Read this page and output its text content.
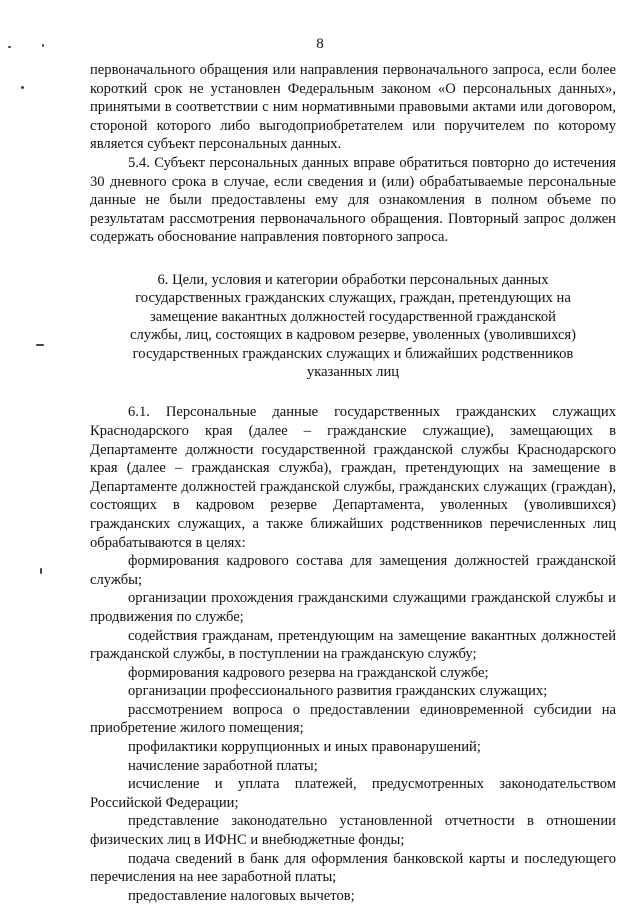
8

первоначального обращения или направления первоначального запроса, если более короткий срок не установлен Федеральным законом «О персональных данных», принятыми в соответствии с ним нормативными правовыми актами или договором, стороной которого либо выгодоприобретателем или поручителем по которому является субъект персональных данных.

5.4. Субъект персональных данных вправе обратиться повторно до истечения 30 дневного срока в случае, если сведения и (или) обрабатываемые персональные данные не были предоставлены ему для ознакомления в полном объеме по результатам рассмотрения первоначального обращения. Повторный запрос должен содержать обоснование направления повторного запроса.

6. Цели, условия и категории обработки персональных данных государственных гражданских служащих, граждан, претендующих на замещение вакантных должностей государственной гражданской службы, лиц, состоящих в кадровом резерве, уволенных (уволившихся) государственных гражданских служащих и ближайших родственников указанных лиц

6.1. Персональные данные государственных гражданских служащих Краснодарского края (далее – гражданские служащие), замещающих в Департаменте должности государственной гражданской службы Краснодарского края (далее – гражданская служба), граждан, претендующих на замещение в Департаменте должностей гражданской службы, гражданских служащих (граждан), состоящих в кадровом резерве Департамента, уволенных (уволившихся) гражданских служащих, а также ближайших родственников перечисленных лиц обрабатываются в целях:

формирования кадрового состава для замещения должностей гражданской службы;

организации прохождения гражданскими служащими гражданской службы и продвижения по службе;

содействия гражданам, претендующим на замещение вакантных должностей гражданской службы, в поступлении на гражданскую службу;

формирования кадрового резерва на гражданской службе;

организации профессионального развития гражданских служащих;

рассмотрением вопроса о предоставлении единовременной субсидии на приобретение жилого помещения;

профилактики коррупционных и иных правонарушений;

начисление заработной платы;

исчисление и уплата платежей, предусмотренных законодательством Российской Федерации;

представление законодательно установленной отчетности в отношении физических лиц в ИФНС и внебюджетные фонды;

подача сведений в банк для оформления банковской карты и последующего перечисления на нее заработной платы;

предоставление налоговых вычетов;
